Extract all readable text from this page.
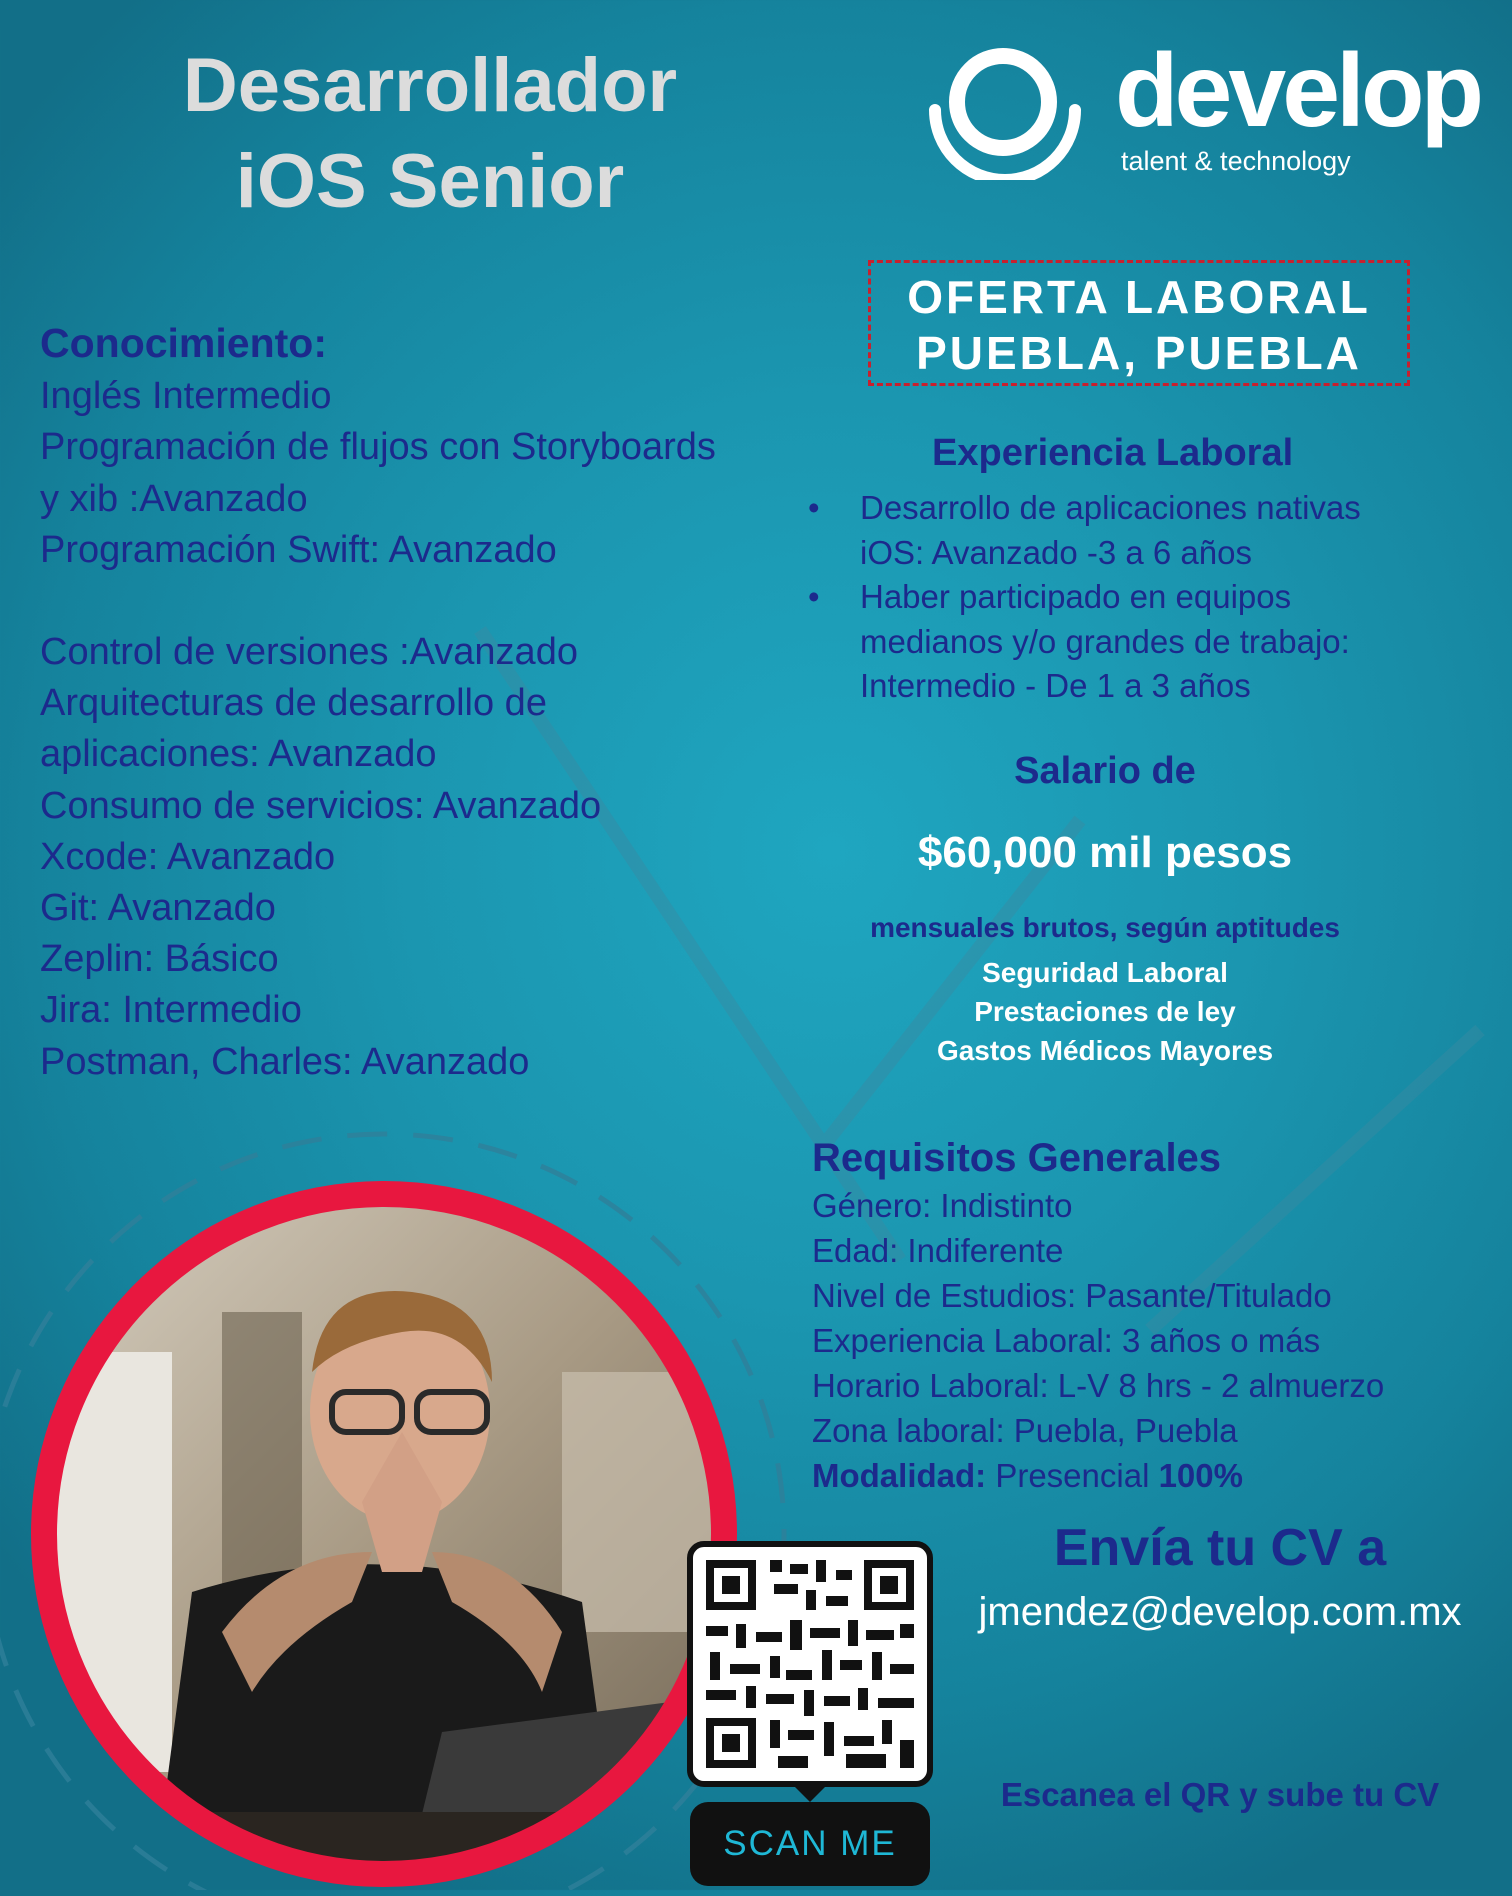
Desarrollador
iOS Senior
develop
talent & technology
OFERTA LABORAL
PUEBLA, PUEBLA
Conocimiento:
Inglés Intermedio
Programación de flujos con Storyboards
y xib :Avanzado
Programación Swift: Avanzado
Control de versiones :Avanzado
Arquitecturas de desarrollo de
aplicaciones: Avanzado
Consumo de servicios: Avanzado
Xcode: Avanzado
Git: Avanzado
Zeplin: Básico
Jira: Intermedio
Postman, Charles: Avanzado
Experiencia Laboral
• Desarrollo de aplicaciones nativas
iOS: Avanzado -3 a 6 años
• Haber participado en equipos
medianos y/o grandes de trabajo:
Intermedio - De 1 a 3 años
Salario de
$60,000 mil pesos
mensuales brutos, según aptitudes
Seguridad Laboral
Prestaciones de ley
Gastos Médicos Mayores
Requisitos Generales
Género: Indistinto
Edad: Indiferente
Nivel de Estudios: Pasante/Titulado
Experiencia Laboral: 3 años o más
Horario Laboral: L-V 8 hrs - 2 almuerzo
Zona laboral: Puebla, Puebla
Modalidad: Presencial 100%
SCAN ME
Envía tu CV a
jmendez@develop.com.mx
Escanea el QR y sube tu CV
